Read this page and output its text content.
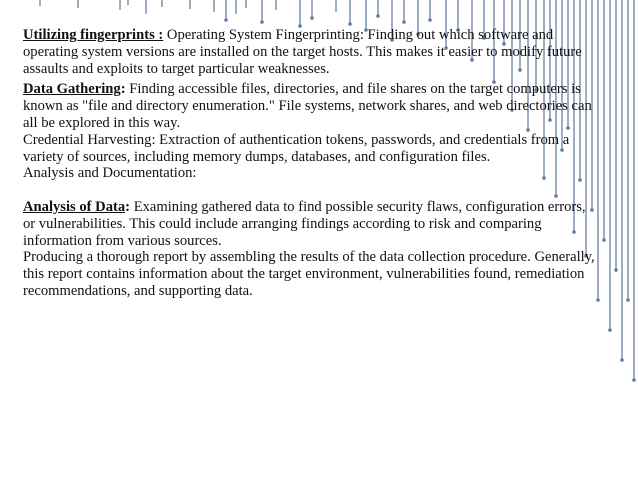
Utilizing fingerprints : Operating System Fingerprinting: Finding out which software and operating system versions are installed on the target hosts. This makes it easier to modify future assaults and exploits to target particular weaknesses.

Data Gathering: Finding accessible files, directories, and file shares on the target computers is known as "file and directory enumeration." File systems, network shares, and web directories can all be explored in this way.

Credential Harvesting: Extraction of authentication tokens, passwords, and credentials from a variety of sources, including memory dumps, databases, and configuration files.

Analysis and Documentation:

Analysis of Data: Examining gathered data to find possible security flaws, configuration errors, or vulnerabilities. This could include arranging findings according to risk and comparing information from various sources.

Producing a thorough report by assembling the results of the data collection procedure. Generally, this report contains information about the target environment, vulnerabilities found, remediation recommendations, and supporting data.
